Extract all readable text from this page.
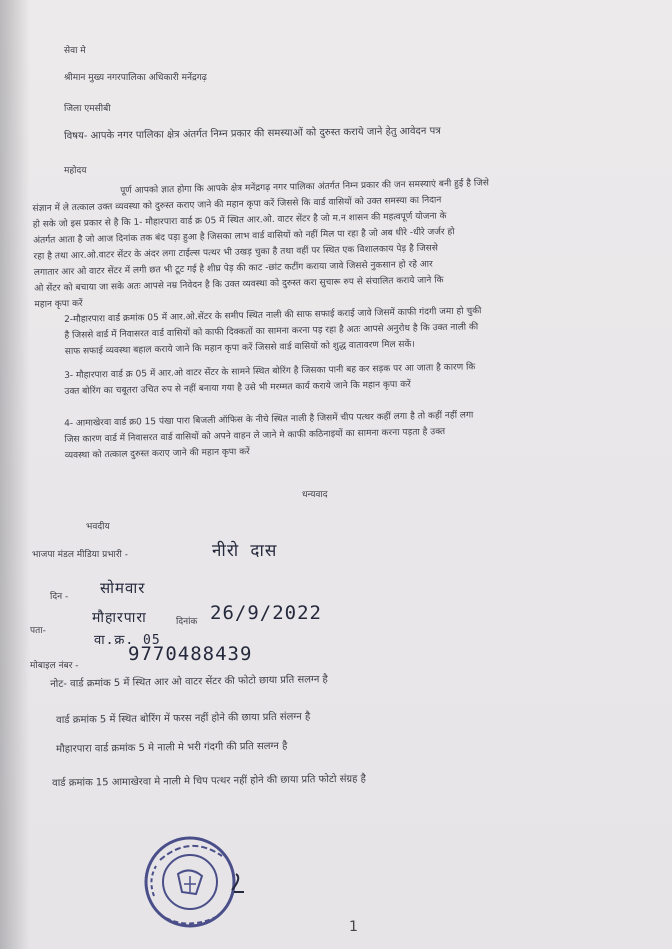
सेवा मे
श्रीमान मुख्य नगरपालिका अधिकारी मनेंद्रगढ़
जिला एमसीबी
विषय- आपके नगर पालिका क्षेत्र अंतर्गत निम्न प्रकार की समस्याओं को दुरुस्त कराये जाने हेतु आवेदन पत्र
महोदय
पूर्ण आपको ज्ञात होगा कि आपके क्षेत्र मनेंद्रगढ़ नगर पालिका अंतर्गत निम्न प्रकार की जन समस्याएं बनी हुई है जिसे
संज्ञान में ले तत्काल उक्त व्यवस्था को दुरुस्त कराए जाने की महान कृपा करें जिससे कि वार्ड वासियों को उक्त समस्या का निदान
हो सके जो इस प्रकार से है कि 1- मौहारपारा वार्ड क्र 05 में स्थित आर.ओ. वाटर सेंटर है जो म.न शासन की महत्वपूर्ण योजना के
अंतर्गत आता है जो आज दिनांक तक बंद पड़ा हुआ है जिसका लाभ वार्ड वासियों को नहीं मिल पा रहा है जो अब धीरे -धीरे जर्जर हो
रहा है तथा आर.ओ.वाटर सेंटर के अंदर लगा टाईल्स पत्थर भी उखड़ चुका है तथा वहीं पर स्थित एक विशालकाय पेड़ है जिससे
लगातार आर ओ वाटर सेंटर में लगी छत भी टूट गई है शीघ्र पेड़ की काट -छांट कटींग कराया जावे जिससे नुकसान हो रहे आर
ओ सेंटर को बचाया जा सके अतः आपसे नम्र निवेदन है कि उक्त व्यवस्था को दुरुस्त करा सुचारू रुप से संचालित कराये जाने कि
महान कृपा करें
2-मौहारपारा वार्ड क्रमांक 05 में आर.ओ.सेंटर के समीप स्थित नाली की साफ सफाई कराई जावे जिसमें काफी गंदगी जमा हो चुकी
है जिससे वार्ड में निवासरत वार्ड वासियों को काफी दिक्कतों का सामना करना पड़ रहा है अतः आपसे अनुरोध है कि उक्त नाली की
साफ सफाई व्यवस्था बहाल कराये जाने कि महान कृपा करें जिससे वार्ड वासियों को शुद्ध वातावरण मिल सकें।
3- मौहारपारा वार्ड क्र 05 में आर.ओ वाटर सेंटर के सामने स्थित बोरिंग है जिसका पानी बह कर सड़क पर आ जाता है कारण कि
उक्त बोरिंग का चबूतरा उचित रुप से नहीं बनाया गया है उसे भी मरम्मत कार्य कराये जाने कि महान कृपा करें
4- आमाखेरवा वार्ड क्र0 15 पंखा पारा बिजली ऑफिस के नीचे स्थित नाली है जिसमें चीप पत्थर कहीं लगा है तो कहीं नहीं लगा
जिस कारण वार्ड में निवासरत वार्ड वासियों को अपने वाहन ले जाने मे काफी कठिनाइयों का सामना करना पड़ता है उक्त
व्यवस्था को तत्काल दुरुस्त कराए जाने की महान कृपा करें
धन्यवाद
भवदीय
भाजपा मंडल मीडिया प्रभारी -	नीरो दास
दिन - सोमवार
पता-
मौहारपारा	दिनांक 26/9/2022
वा.क्र. 05
मोबाइल नंबर -
9770488439
नोट- वार्ड क्रमांक 5 में स्थित आर ओ वाटर सेंटर की फोटो छाया प्रति सलग्न है
वार्ड क्रमांक 5 में स्थित बोरिंग में फरस नहीं होने की छाया प्रति संलग्न है
मौहारपारा वार्ड क्रमांक 5 मे नाली मे भरी गंदगी की प्रति सलग्न है
वार्ड क्रमांक 15 आमाखेरवा मे नाली मे चिप पत्थर नहीं होने की छाया प्रति फोटो संग्रह है
1
